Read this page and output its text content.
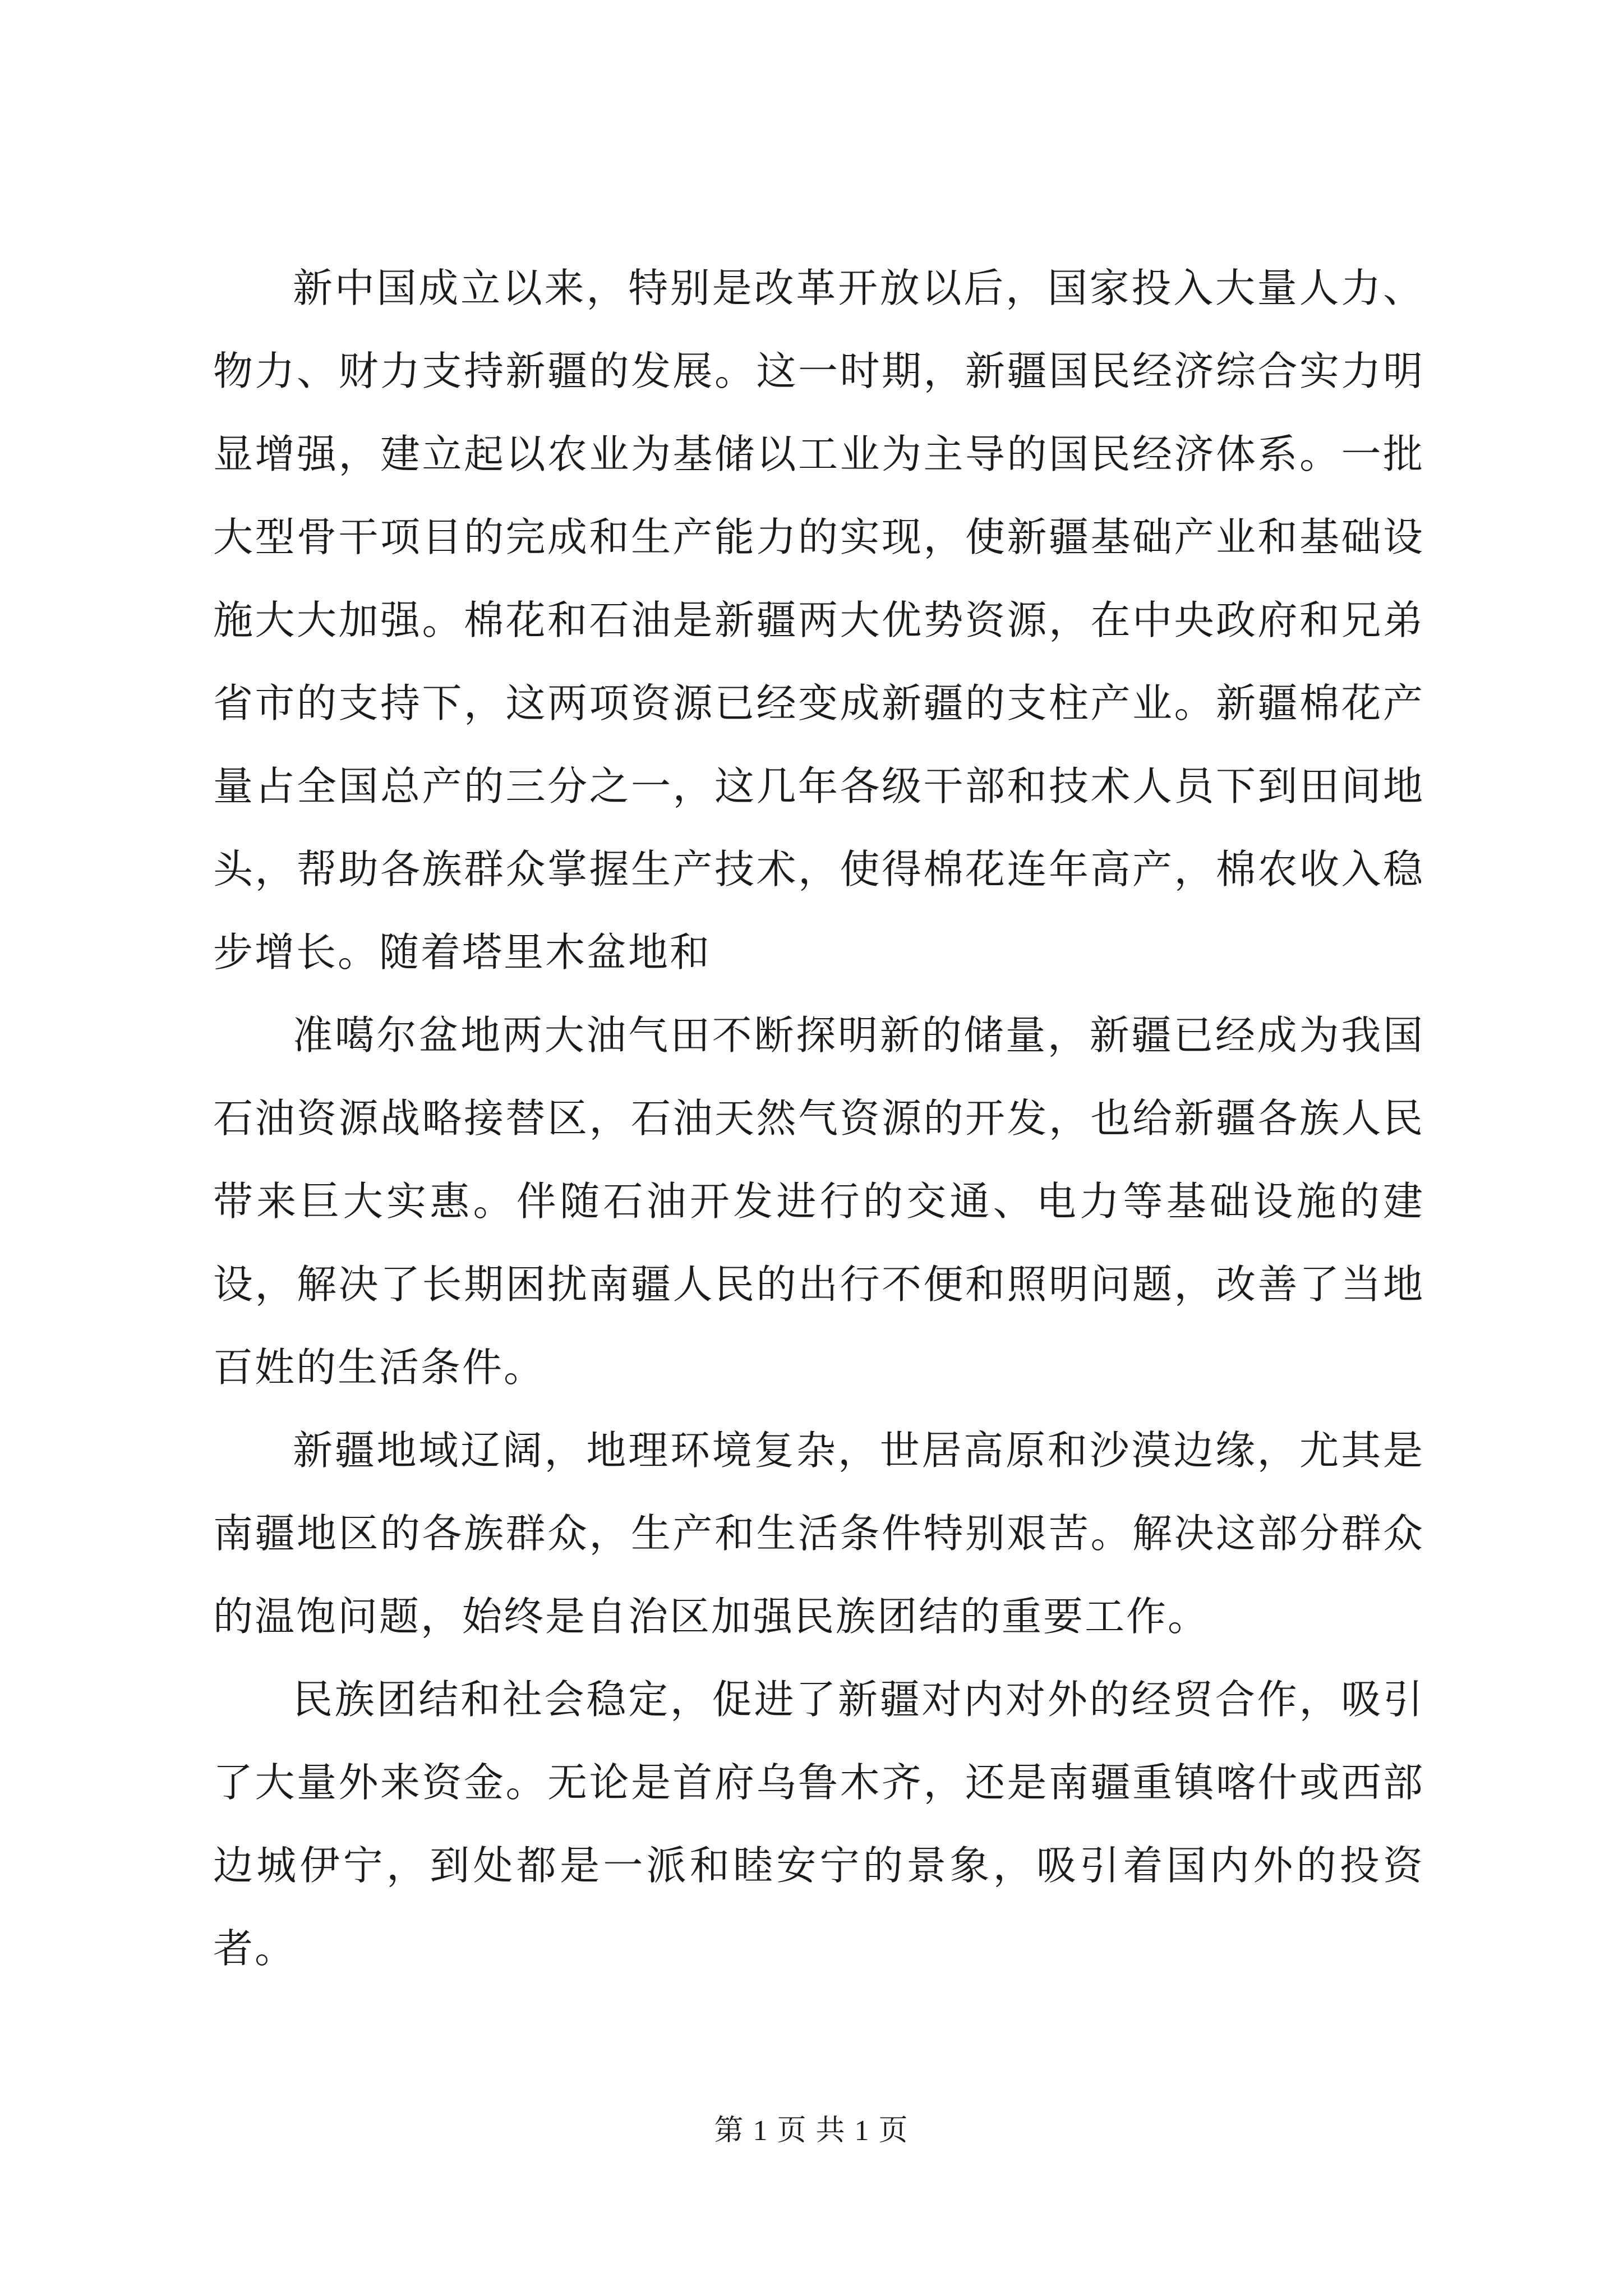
新中国成立以来，特别是改革开放以后，国家投入大量人力、物力、财力支持新疆的发展。这一时期，新疆国民经济综合实力明显增强，建立起以农业为基储以工业为主导的国民经济体系。一批大型骨干项目的完成和生产能力的实现，使新疆基础产业和基础设施大大加强。棉花和石油是新疆两大优势资源，在中央政府和兄弟省市的支持下，这两项资源已经变成新疆的支柱产业。新疆棉花产量占全国总产的三分之一，这几年各级干部和技术人员下到田间地头，帮助各族群众掌握生产技术，使得棉花连年高产，棉农收入稳步增长。随着塔里木盆地和

准噶尔盆地两大油气田不断探明新的储量，新疆已经成为我国石油资源战略接替区，石油天然气资源的开发，也给新疆各族人民带来巨大实惠。伴随石油开发进行的交通、电力等基础设施的建设，解决了长期困扰南疆人民的出行不便和照明问题，改善了当地百姓的生活条件。

新疆地域辽阔，地理环境复杂，世居高原和沙漠边缘，尤其是南疆地区的各族群众，生产和生活条件特别艰苦。解决这部分群众的温饱问题，始终是自治区加强民族团结的重要工作。

民族团结和社会稳定，促进了新疆对内对外的经贸合作，吸引了大量外来资金。无论是首府乌鲁木齐，还是南疆重镇喀什或西部边城伊宁，到处都是一派和睦安宁的景象，吸引着国内外的投资者。

第 1 页 共 1 页
